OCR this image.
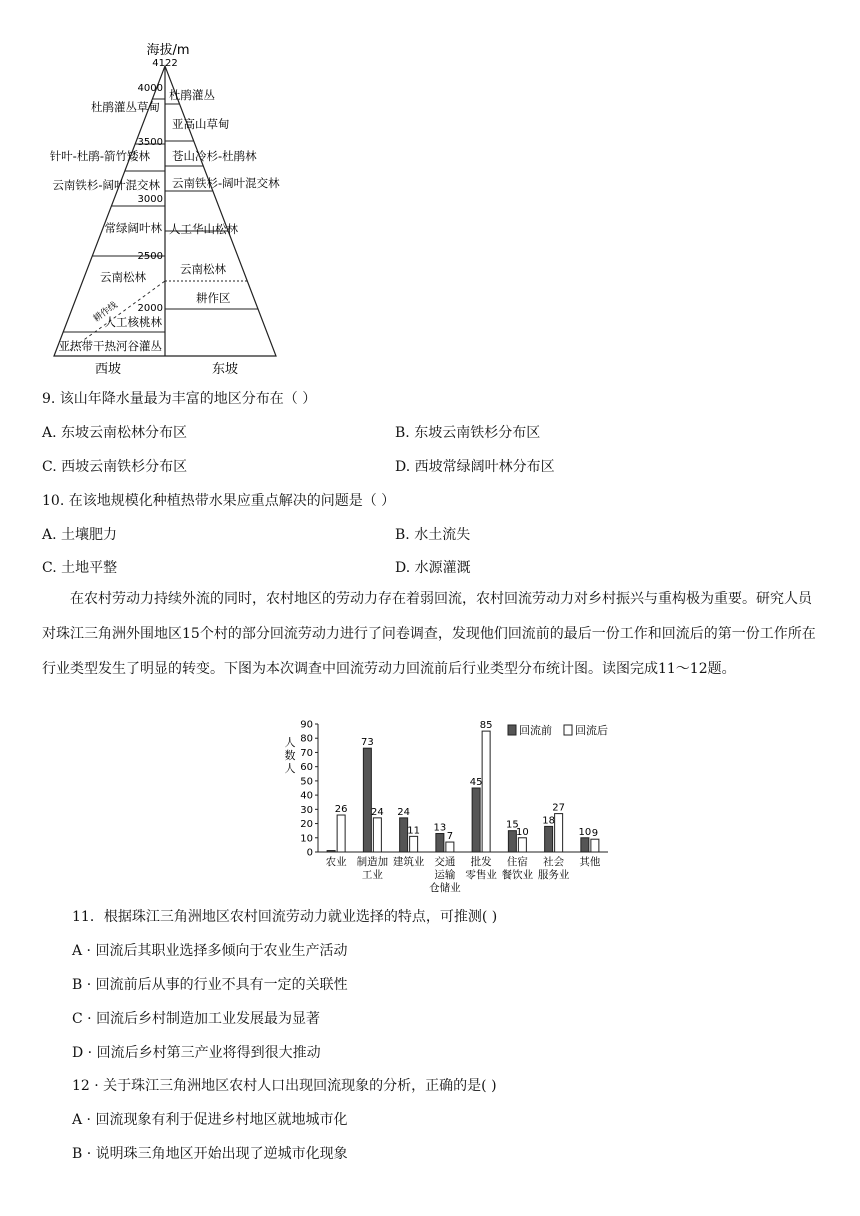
海拔/m
4122
4000
3500
3000
2500
2000
杜鹃灌丛草甸
针叶-杜鹃-箭竹矮林
云南铁杉-阔叶混交林
常绿阔叶林
云南松林
人工核桃林
亚热带干热河谷灌丛
杜鹃灌丛
亚高山草甸
苍山冷杉-杜鹃林
云南铁杉-阔叶混交林
人工华山松林
云南松林
耕作区
耕作线
西坡	东坡
9. 该山年降水量最为丰富的地区分布在（ ）
A. 东坡云南松林分布区	B. 东坡云南铁杉分布区
C. 西坡云南铁杉分布区	D. 西坡常绿阔叶林分布区
10. 在该地规模化种植热带水果应重点解决的问题是（ ）
A. 土壤肥力	B. 水土流失
C. 土地平整	D. 水源灌溉
在农村劳动力持续外流的同时，农村地区的劳动力存在着弱回流，农村回流劳动力对乡村振兴与重构极为重要。研究人员对珠江三角洲外围地区15个村的部分回流劳动力进行了问卷调查，发现他们回流前的最后一份工作和回流后的第一份工作所在行业类型发生了明显的转变。下图为本次调查中回流劳动力回流前后行业类型分布统计图。读图完成11～12题。
0
10
20
30
40
50
60
70
80
90
人数人
26
农业
73
24
制造加工业
24
11
建筑业
13
7
交通运输仓储业
45
85
批发零售业
15
10
住宿餐饮业
18
27
社会服务业
10 9
其他
回流前 回流后
11．根据珠江三角洲地区农村回流劳动力就业选择的特点，可推测( )
A · 回流后其职业选择多倾向于农业生产活动
B · 回流前后从事的行业不具有一定的关联性
C · 回流后乡村制造加工业发展最为显著
D · 回流后乡村第三产业将得到很大推动
12 · 关于珠江三角洲地区农村人口出现回流现象的分析，正确的是( )
A · 回流现象有利于促进乡村地区就地城市化
B · 说明珠三角地区开始出现了逆城市化现象
